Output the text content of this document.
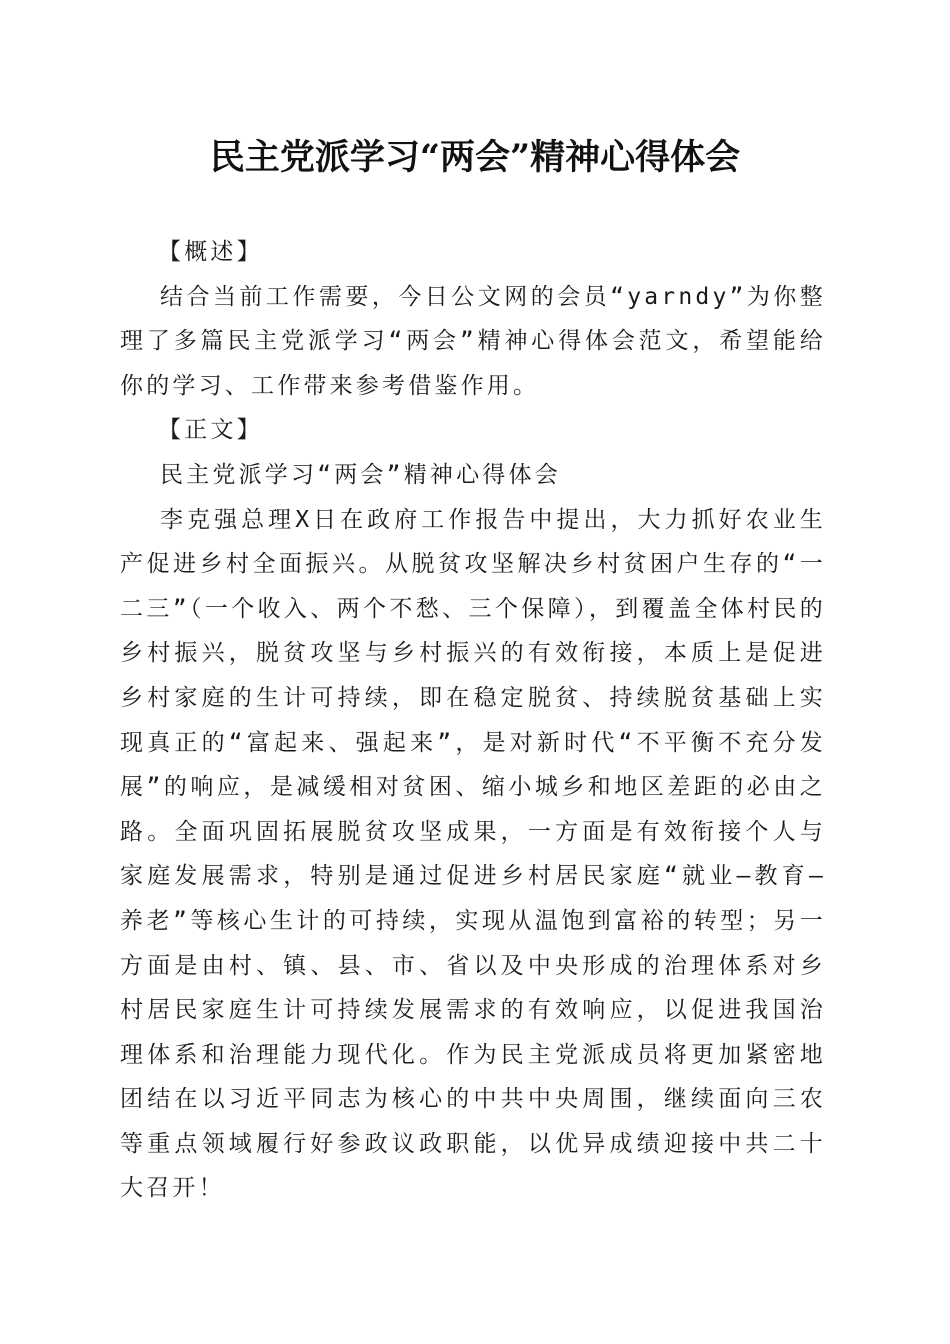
民主党派学习“两会”精神心得体会

【概述】

结合当前工作需要，今日公文网的会员“yarndy”为你整理了多篇民主党派学习“两会”精神心得体会范文，希望能给你的学习、工作带来参考借鉴作用。

【正文】

民主党派学习“两会”精神心得体会

李克强总理X日在政府工作报告中提出，大力抓好农业生产促进乡村全面振兴。从脱贫攻坚解决乡村贫困户生存的“一二三”（一个收入、两个不愁、三个保障），到覆盖全体村民的乡村振兴，脱贫攻坚与乡村振兴的有效衔接，本质上是促进乡村家庭的生计可持续，即在稳定脱贫、持续脱贫基础上实现真正的“富起来、强起来”，是对新时代“不平衡不充分发展”的响应，是减缓相对贫困、缩小城乡和地区差距的必由之路。全面巩固拓展脱贫攻坚成果，一方面是有效衔接个人与家庭发展需求，特别是通过促进乡村居民家庭“就业—教育—养老”等核心生计的可持续，实现从温饱到富裕的转型；另一方面是由村、镇、县、市、省以及中央形成的治理体系对乡村居民家庭生计可持续发展需求的有效响应，以促进我国治理体系和治理能力现代化。作为民主党派成员将更加紧密地团结在以习近平同志为核心的中共中央周围，继续面向三农等重点领域履行好参政议政职能，以优异成绩迎接中共二十大召开！
